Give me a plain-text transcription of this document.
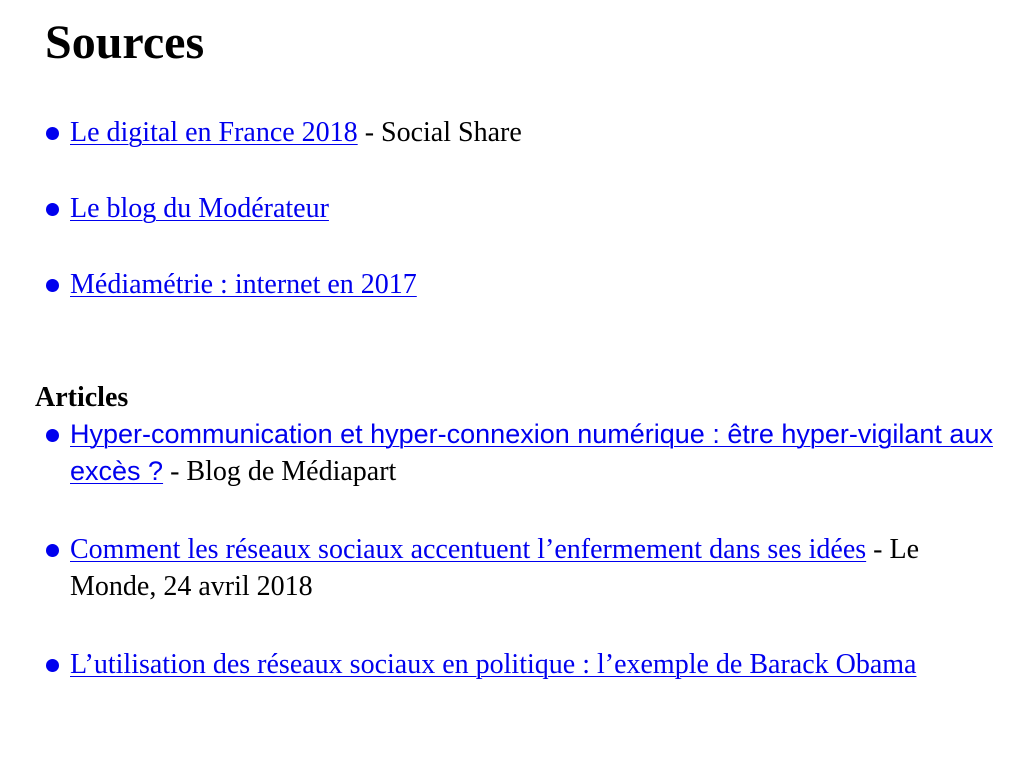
Sources
Le digital en France 2018 - Social Share
Le blog du Modérateur
Médiamétrie : internet en 2017
Articles
Hyper-communication et hyper-connexion numérique : être hyper-vigilant aux excès ? - Blog de Médiapart
Comment les réseaux sociaux accentuent l’enfermement dans ses idées - Le Monde, 24 avril 2018
L’utilisation des réseaux sociaux en politique : l’exemple de Barack Obama
